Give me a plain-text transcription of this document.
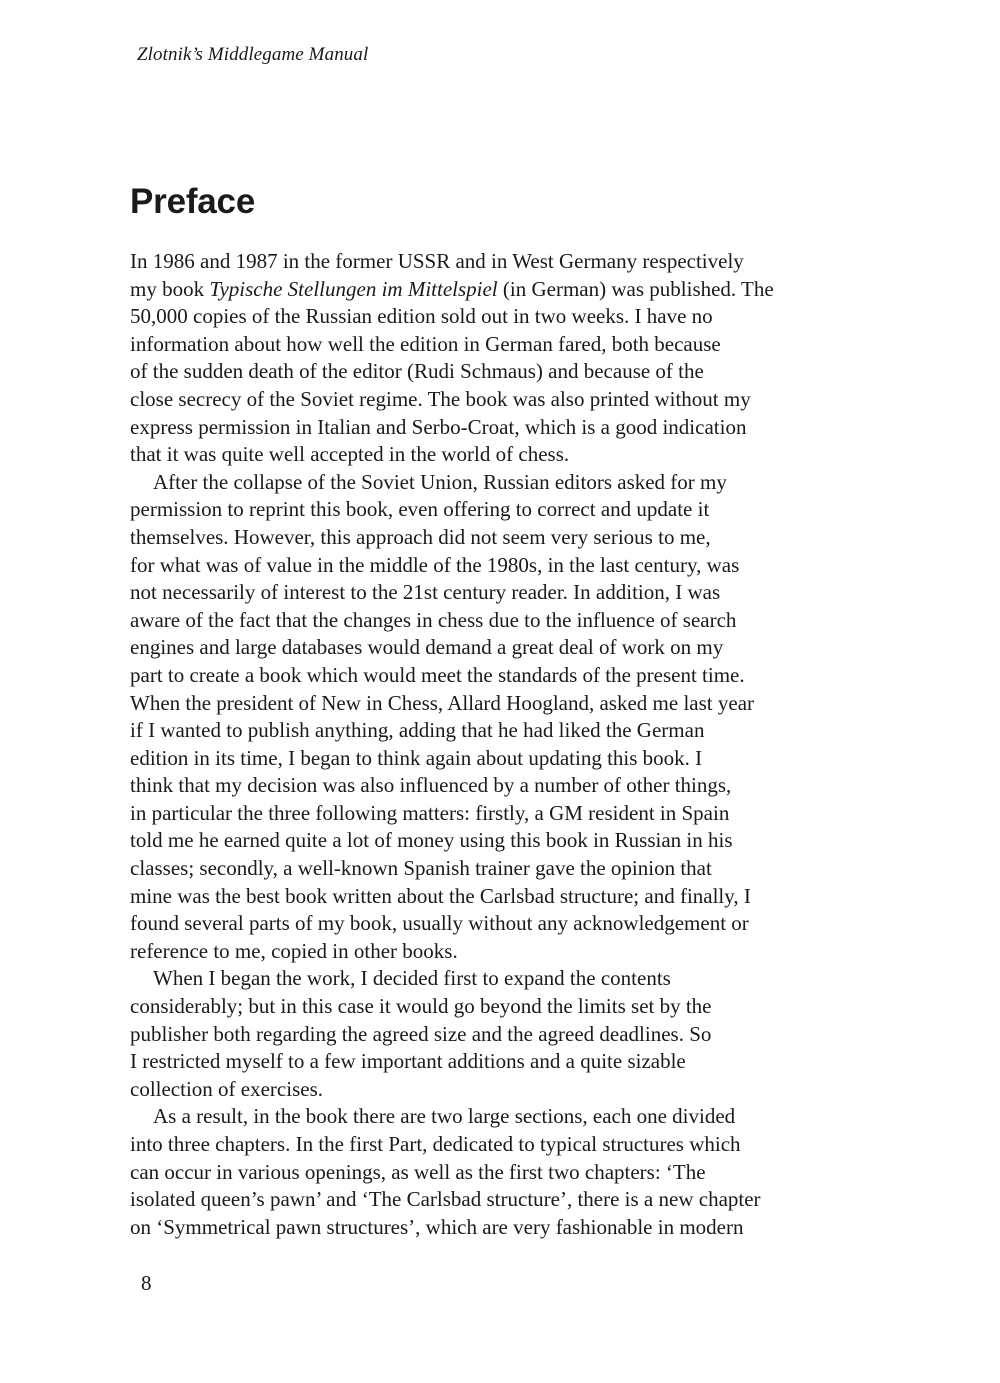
Zlotnik’s Middlegame Manual
Preface

In 1986 and 1987 in the former USSR and in West Germany respectively
my book Typische Stellungen im Mittelspiel (in German) was published. The
50,000 copies of the Russian edition sold out in two weeks. I have no
information about how well the edition in German fared, both because
of the sudden death of the editor (Rudi Schmaus) and because of the
close secrecy of the Soviet regime. The book was also printed without my
express permission in Italian and Serbo-Croat, which is a good indication
that it was quite well accepted in the world of chess.

After the collapse of the Soviet Union, Russian editors asked for my
permission to reprint this book, even offering to correct and update it
themselves. However, this approach did not seem very serious to me,
for what was of value in the middle of the 1980s, in the last century, was
not necessarily of interest to the 21st century reader. In addition, I was
aware of the fact that the changes in chess due to the influence of search
engines and large databases would demand a great deal of work on my
part to create a book which would meet the standards of the present time.
When the president of New in Chess, Allard Hoogland, asked me last year
if I wanted to publish anything, adding that he had liked the German
edition in its time, I began to think again about updating this book. I
think that my decision was also influenced by a number of other things,
in particular the three following matters: firstly, a GM resident in Spain
told me he earned quite a lot of money using this book in Russian in his
classes; secondly, a well-known Spanish trainer gave the opinion that
mine was the best book written about the Carlsbad structure; and finally, I
found several parts of my book, usually without any acknowledgement or
reference to me, copied in other books.

When I began the work, I decided first to expand the contents
considerably; but in this case it would go beyond the limits set by the
publisher both regarding the agreed size and the agreed deadlines. So
I restricted myself to a few important additions and a quite sizable
collection of exercises.

As a result, in the book there are two large sections, each one divided
into three chapters. In the first Part, dedicated to typical structures which
can occur in various openings, as well as the first two chapters: ‘The
isolated queen’s pawn’ and ‘The Carlsbad structure’, there is a new chapter
on ‘Symmetrical pawn structures’, which are very fashionable in modern

8
